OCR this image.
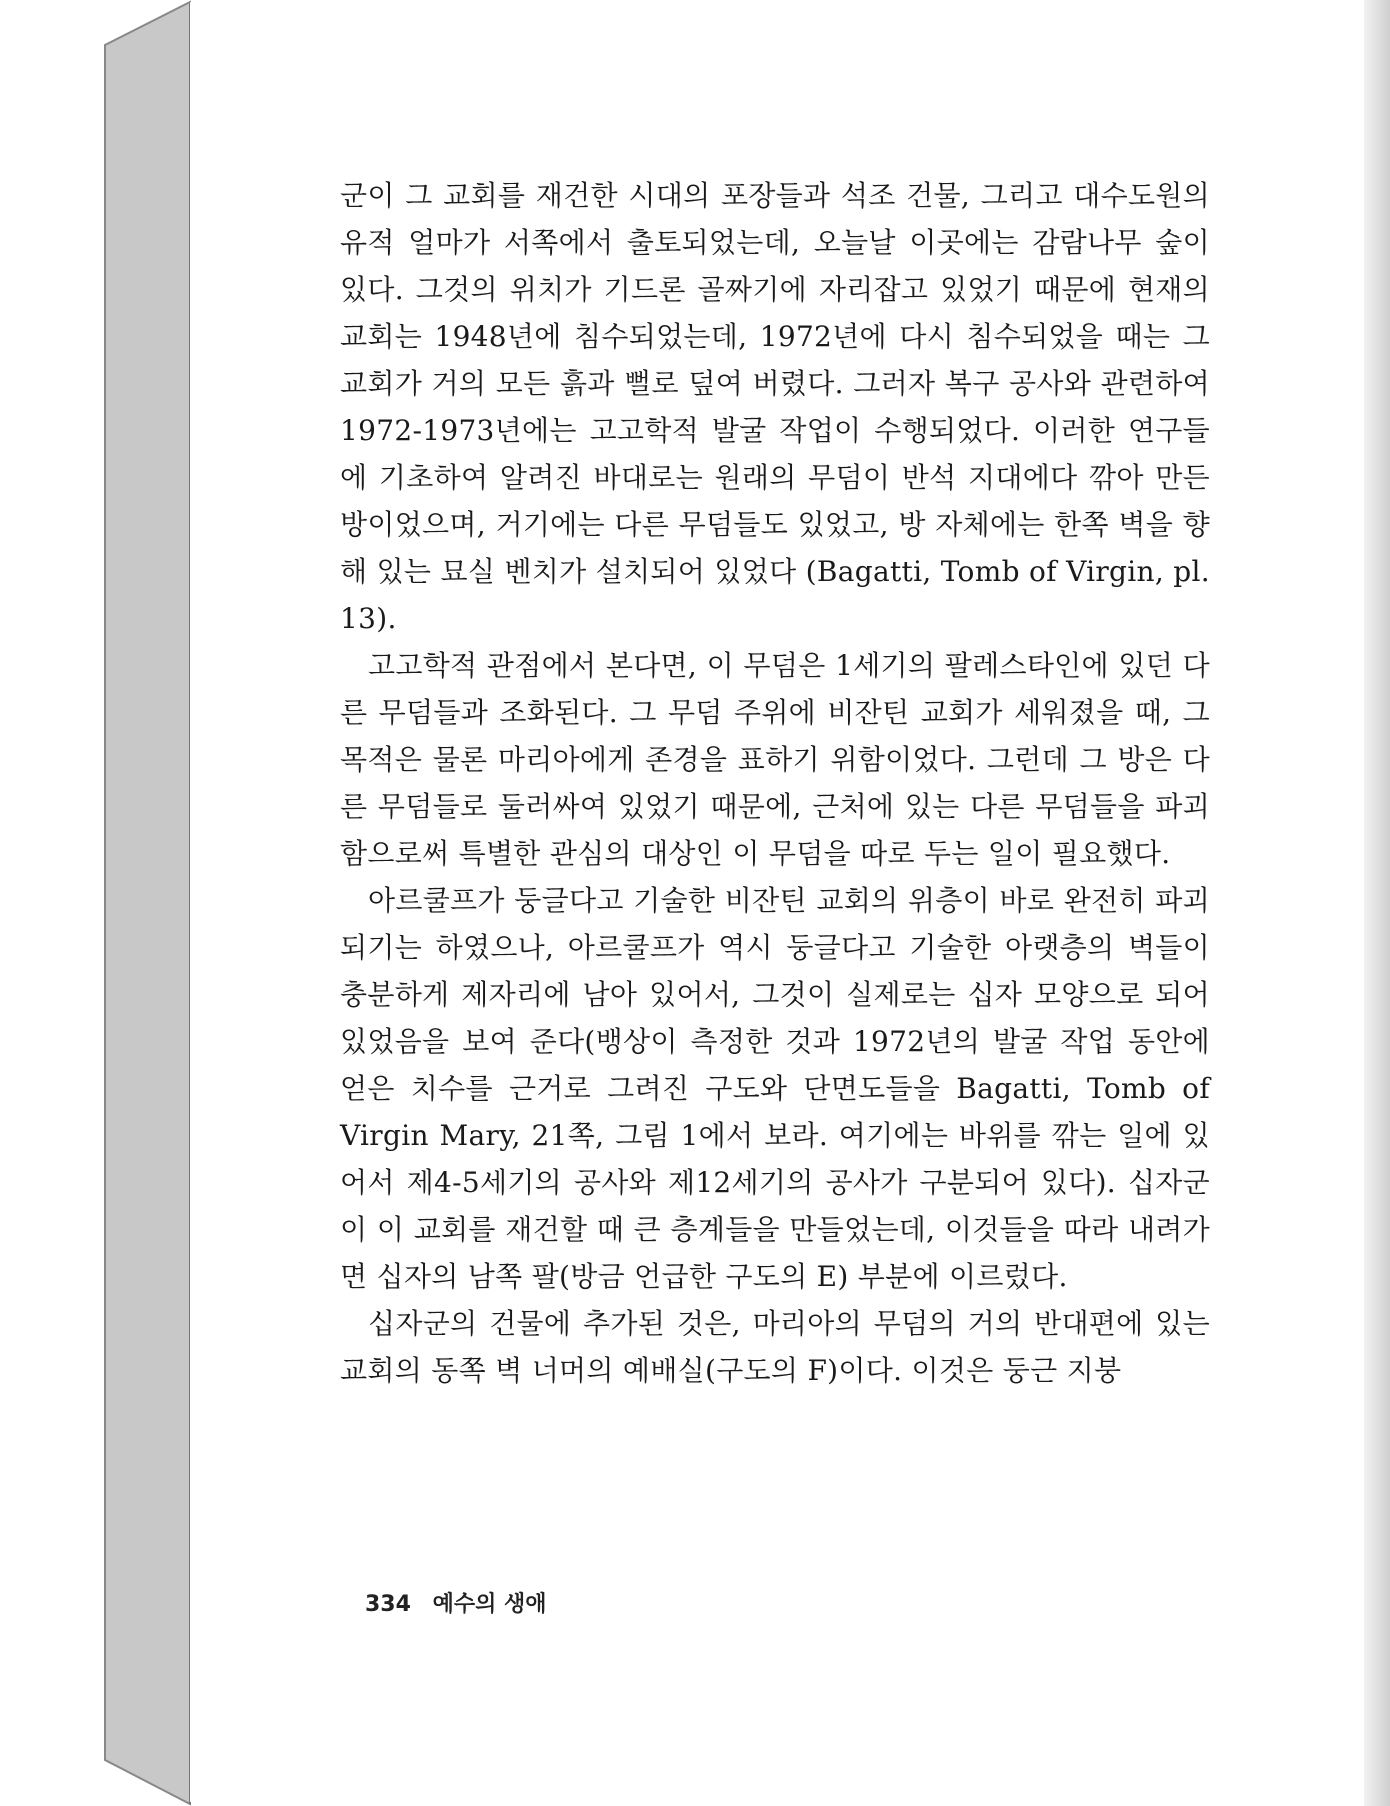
군이 그 교회를 재건한 시대의 포장들과 석조 건물, 그리고 대수도원의 유적 얼마가 서쪽에서 출토되었는데, 오늘날 이곳에는 감람나무 숲이 있다. 그것의 위치가 기드론 골짜기에 자리잡고 있었기 때문에 현재의 교회는 1948년에 침수되었는데, 1972년에 다시 침수되었을 때는 그 교회가 거의 모든 흙과 뻘로 덮여 버렸다. 그러자 복구 공사와 관련하여 1972-1973년에는 고고학적 발굴 작업이 수행되었다. 이러한 연구들에 기초하여 알려진 바대로는 원래의 무덤이 반석 지대에다 깎아 만든 방이었으며, 거기에는 다른 무덤들도 있었고, 방 자체에는 한쪽 벽을 향해 있는 묘실 벤치가 설치되어 있었다 (Bagatti, Tomb of Virgin, pl. 13).

고고학적 관점에서 본다면, 이 무덤은 1세기의 팔레스타인에 있던 다른 무덤들과 조화된다. 그 무덤 주위에 비잔틴 교회가 세워졌을 때, 그 목적은 물론 마리아에게 존경을 표하기 위함이었다. 그런데 그 방은 다른 무덤들로 둘러싸여 있었기 때문에, 근처에 있는 다른 무덤들을 파괴함으로써 특별한 관심의 대상인 이 무덤을 따로 두는 일이 필요했다.

아르쿨프가 둥글다고 기술한 비잔틴 교회의 위층이 바로 완전히 파괴되기는 하였으나, 아르쿨프가 역시 둥글다고 기술한 아랫층의 벽들이 충분하게 제자리에 남아 있어서, 그것이 실제로는 십자 모양으로 되어 있었음을 보여 준다(뱅상이 측정한 것과 1972년의 발굴 작업 동안에 얻은 치수를 근거로 그려진 구도와 단면도들을 Bagatti, Tomb of Virgin Mary, 21쪽, 그림 1에서 보라. 여기에는 바위를 깎는 일에 있어서 제4-5세기의 공사와 제12세기의 공사가 구분되어 있다). 십자군이 이 교회를 재건할 때 큰 층계들을 만들었는데, 이것들을 따라 내려가면 십자의 남쪽 팔(방금 언급한 구도의 E) 부분에 이르렀다.

십자군의 건물에 추가된 것은, 마리아의 무덤의 거의 반대편에 있는 교회의 동쪽 벽 너머의 예배실(구도의 F)이다. 이것은 둥근 지붕

334 예수의 생애
